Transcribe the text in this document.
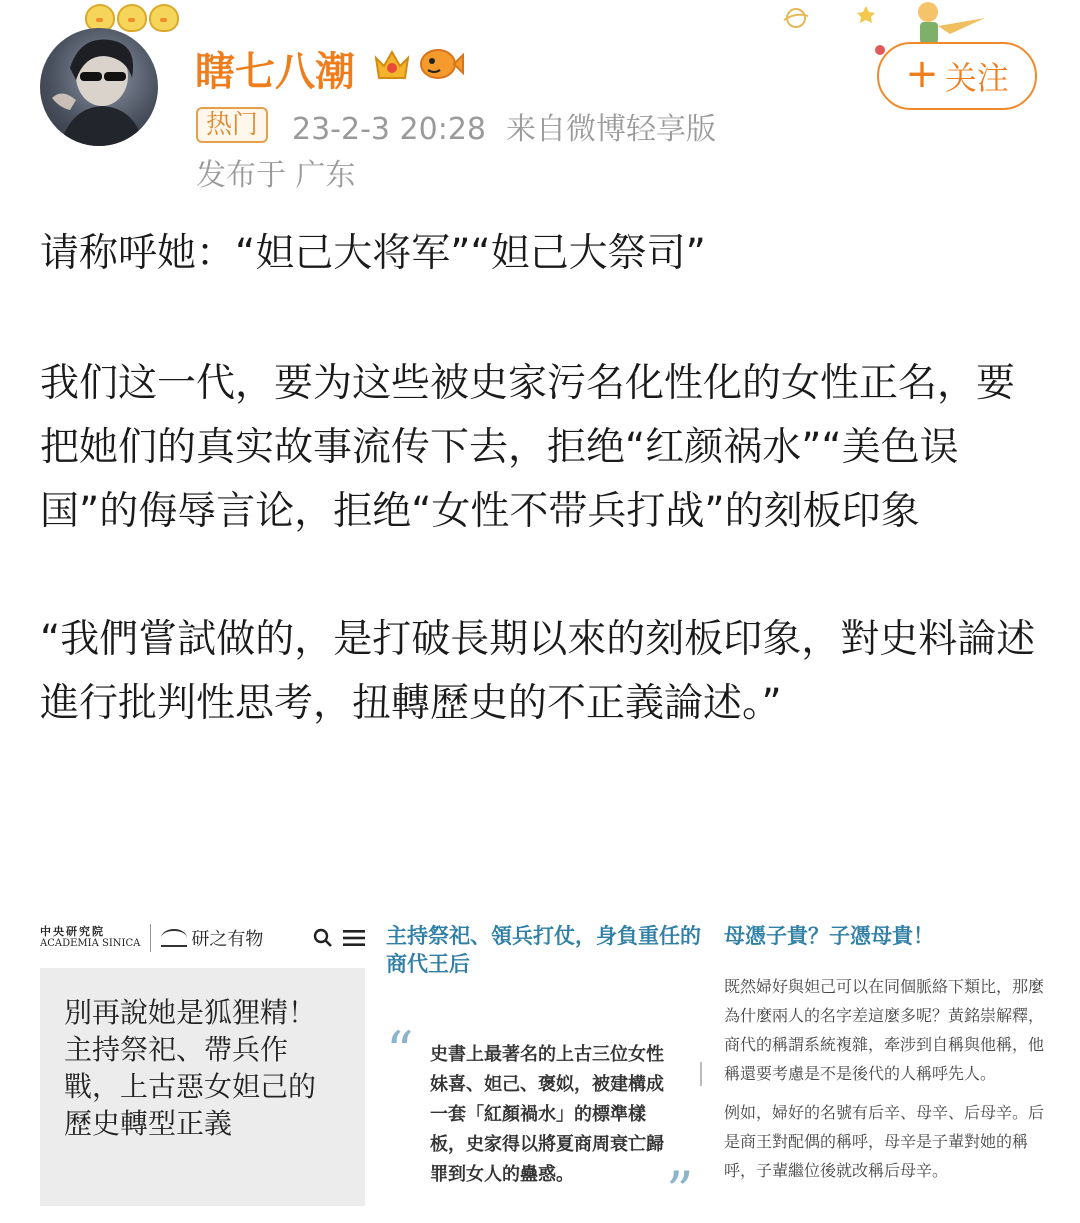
瞎七八潮
热门	23-2-3 20:28 来自微博轻享版
发布于 广东
+ 关注

请称呼她：“妲己大将军”“妲己大祭司”

我们这一代，要为这些被史家污名化性化的女性正名，要把她们的真实故事流传下去，拒绝“红颜祸水”“美色误国”的侮辱言论，拒绝“女性不带兵打战”的刻板印象

“我們嘗試做的，是打破長期以來的刻板印象，對史料論述進行批判性思考，扭轉歷史的不正義論述。”

中央研究院
ACADEMIA SINICA	研之有物
別再說她是狐狸精！主持祭祀、帶兵作戰，上古惡女妲己的歷史轉型正義
主持祭祀、領兵打仗，身負重任的商代王后
“ 史書上最著名的上古三位女性妹喜、妲己、褒姒，被建構成一套「紅顏禍水」的標準樣板，史家得以將夏商周衰亡歸罪到女人的蠱惑。	”
母憑子貴？子憑母貴！
既然婦好與妲己可以在同個脈絡下類比，那麼為什麼兩人的名字差這麼多呢？黃銘崇解釋，商代的稱謂系統複雜，牽涉到自稱與他稱，他稱還要考慮是不是後代的人稱呼先人。
例如，婦好的名號有后辛、母辛、后母辛。后是商王對配偶的稱呼，母辛是子輩對她的稱呼，子輩繼位後就改稱后母辛。
